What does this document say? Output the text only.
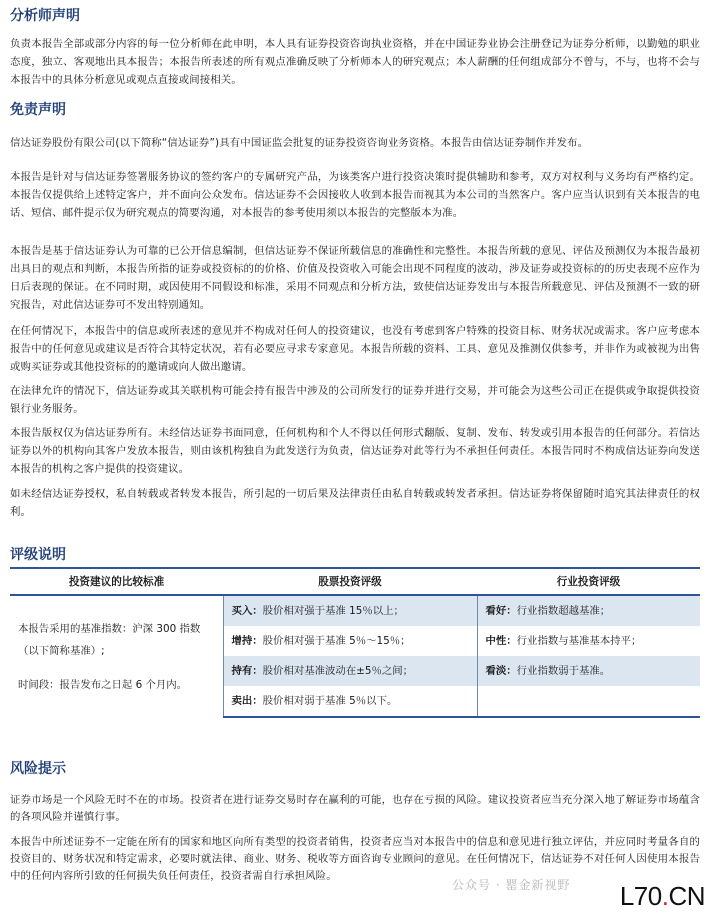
分析师声明

负责本报告全部或部分内容的每一位分析师在此申明，本人具有证券投资咨询执业资格，并在中国证券业协会注册登记为证券分析师，以勤勉的职业态度，独立、客观地出具本报告；本报告所表述的所有观点准确反映了分析师本人的研究观点；本人薪酬的任何组成部分不曾与，不与，也将不会与本报告中的具体分析意见或观点直接或间接相关。

免责声明

信达证券股份有限公司(以下简称“信达证券”)具有中国证监会批复的证券投资咨询业务资格。本报告由信达证券制作并发布。

本报告是针对与信达证券签署服务协议的签约客户的专属研究产品，为该类客户进行投资决策时提供辅助和参考，双方对权利与义务均有严格约定。本报告仅提供给上述特定客户，并不面向公众发布。信达证券不会因接收人收到本报告而视其为本公司的当然客户。客户应当认识到有关本报告的电话、短信、邮件提示仅为研究观点的简要沟通，对本报告的参考使用须以本报告的完整版本为准。

本报告是基于信达证券认为可靠的已公开信息编制，但信达证券不保证所载信息的准确性和完整性。本报告所载的意见、评估及预测仅为本报告最初出具日的观点和判断，本报告所指的证券或投资标的的价格、价值及投资收入可能会出现不同程度的波动，涉及证券或投资标的的历史表现不应作为日后表现的保证。在不同时期，或因使用不同假设和标准，采用不同观点和分析方法，致使信达证券发出与本报告所载意见、评估及预测不一致的研究报告，对此信达证券可不发出特别通知。

在任何情况下，本报告中的信息或所表述的意见并不构成对任何人的投资建议，也没有考虑到客户特殊的投资目标、财务状况或需求。客户应考虑本报告中的任何意见或建议是否符合其特定状况，若有必要应寻求专家意见。本报告所载的资料、工具、意见及推测仅供参考，并非作为或被视为出售或购买证券或其他投资标的的邀请或向人做出邀请。

在法律允许的情况下，信达证券或其关联机构可能会持有报告中涉及的公司所发行的证券并进行交易，并可能会为这些公司正在提供或争取提供投资银行业务服务。

本报告版权仅为信达证券所有。未经信达证券书面同意，任何机构和个人不得以任何形式翻版、复制、发布、转发或引用本报告的任何部分。若信达证券以外的机构向其客户发放本报告，则由该机构独自为此发送行为负责，信达证券对此等行为不承担任何责任。本报告同时不构成信达证券向发送本报告的机构之客户提供的投资建议。

如未经信达证券授权，私自转载或者转发本报告，所引起的一切后果及法律责任由私自转载或转发者承担。信达证券将保留随时追究其法律责任的权利。

评级说明
投资建议的比较标准	股票投资评级	行业投资评级

本报告采用的基准指数：沪深 300 指数（以下简称基准）;
时间段：报告发布之日起 6 个月内。	买入：股价相对强于基准 15％以上；	看好：行业指数超越基准；
	增持：股价相对强于基准 5％～15％；	中性：行业指数与基准基本持平；
	持有：股价相对基准波动在±5％之间；	看淡：行业指数弱于基准。
	卖出：股价相对弱于基准 5％以下。	
风险提示

证券市场是一个风险无时不在的市场。投资者在进行证券交易时存在赢利的可能，也存在亏损的风险。建议投资者应当充分深入地了解证券市场蕴含的各项风险并谨慎行事。

本报告中所述证券不一定能在所有的国家和地区向所有类型的投资者销售，投资者应当对本报告中的信息和意见进行独立评估，并应同时考量各自的投资目的、财务状况和特定需求，必要时就法律、商业、财务、税收等方面咨询专业顾问的意见。在任何情况下，信达证券不对任何人因使用本报告中的任何内容所引致的任何损失负任何责任，投资者需自行承担风险。

公众号 · 罂金新视野 L70.CN
